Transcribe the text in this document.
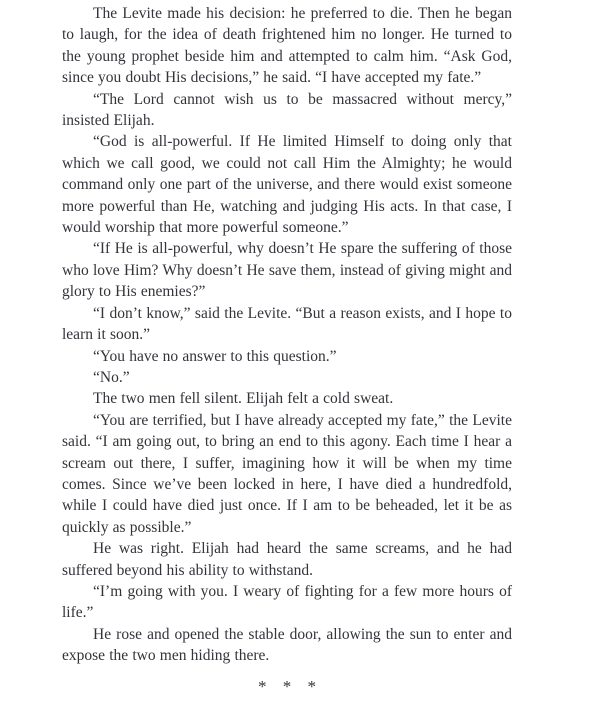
The Levite made his decision: he preferred to die. Then he began to laugh, for the idea of death frightened him no longer. He turned to the young prophet beside him and attempted to calm him. “Ask God, since you doubt His decisions,” he said. “I have accepted my fate.”

“The Lord cannot wish us to be massacred without mercy,” insisted Elijah.

“God is all-powerful. If He limited Himself to doing only that which we call good, we could not call Him the Almighty; he would command only one part of the universe, and there would exist someone more powerful than He, watching and judging His acts. In that case, I would worship that more powerful someone.”

“If He is all-powerful, why doesn’t He spare the suffering of those who love Him? Why doesn’t He save them, instead of giving might and glory to His enemies?”

“I don’t know,” said the Levite. “But a reason exists, and I hope to learn it soon.”

“You have no answer to this question.”

“No.”

The two men fell silent. Elijah felt a cold sweat.

“You are terrified, but I have already accepted my fate,” the Levite said. “I am going out, to bring an end to this agony. Each time I hear a scream out there, I suffer, imagining how it will be when my time comes. Since we’ve been locked in here, I have died a hundredfold, while I could have died just once. If I am to be beheaded, let it be as quickly as possible.”

He was right. Elijah had heard the same screams, and he had suffered beyond his ability to withstand.

“I’m going with you. I weary of fighting for a few more hours of life.”

He rose and opened the stable door, allowing the sun to enter and expose the two men hiding there.

* * *
